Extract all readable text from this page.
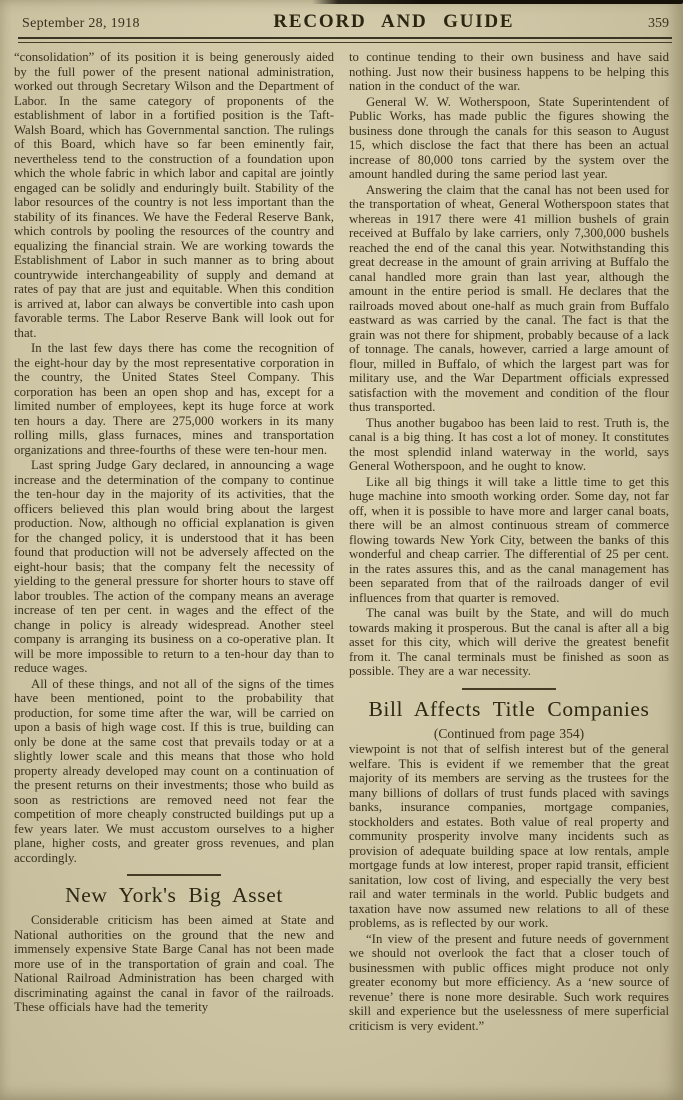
September 28, 1918	RECORD AND GUIDE	359

“consolidation” of its position it is being generously aided by the full power of the present national administration, worked out through Secretary Wilson and the Department of Labor. In the same category of proponents of the establishment of labor in a fortified position is the Taft-Walsh Board, which has Governmental sanction. The rulings of this Board, which have so far been eminently fair, nevertheless tend to the construction of a foundation upon which the whole fabric in which labor and capital are jointly engaged can be solidly and enduringly built. Stability of the labor resources of the country is not less important than the stability of its finances. We have the Federal Reserve Bank, which controls by pooling the resources of the country and equalizing the financial strain. We are working towards the Establishment of Labor in such manner as to bring about countrywide interchangeability of supply and demand at rates of pay that are just and equitable. When this condition is arrived at, labor can always be convertible into cash upon favorable terms. The Labor Reserve Bank will look out for that.

In the last few days there has come the recognition of the eight-hour day by the most representative corporation in the country, the United States Steel Company. This corporation has been an open shop and has, except for a limited number of employees, kept its huge force at work ten hours a day. There are 275,000 workers in its many rolling mills, glass furnaces, mines and transportation organizations and three-fourths of these were ten-hour men.

Last spring Judge Gary declared, in announcing a wage increase and the determination of the company to continue the ten-hour day in the majority of its activities, that the officers believed this plan would bring about the largest production. Now, although no official explanation is given for the changed policy, it is understood that it has been found that production will not be adversely affected on the eight-hour basis; that the company felt the necessity of yielding to the general pressure for shorter hours to stave off labor troubles. The action of the company means an average increase of ten per cent. in wages and the effect of the change in policy is already widespread. Another steel company is arranging its business on a co-operative plan. It will be more impossible to return to a ten-hour day than to reduce wages.

All of these things, and not all of the signs of the times have been mentioned, point to the probability that production, for some time after the war, will be carried on upon a basis of high wage cost. If this is true, building can only be done at the same cost that prevails today or at a slightly lower scale and this means that those who hold property already developed may count on a continuation of the present returns on their investments; those who build as soon as restrictions are removed need not fear the competition of more cheaply constructed buildings put up a few years later. We must accustom ourselves to a higher plane, higher costs, and greater gross revenues, and plan accordingly.

New York's Big Asset

Considerable criticism has been aimed at State and National authorities on the ground that the new and immensely expensive State Barge Canal has not been made more use of in the transportation of grain and coal. The National Railroad Administration has been charged with discriminating against the canal in favor of the railroads. These officials have had the temerity

to continue tending to their own business and have said nothing. Just now their business happens to be helping this nation in the conduct of the war.

General W. W. Wotherspoon, State Superintendent of Public Works, has made public the figures showing the business done through the canals for this season to August 15, which disclose the fact that there has been an actual increase of 80,000 tons carried by the system over the amount handled during the same period last year.

Answering the claim that the canal has not been used for the transportation of wheat, General Wotherspoon states that whereas in 1917 there were 41 million bushels of grain received at Buffalo by lake carriers, only 7,300,000 bushels reached the end of the canal this year. Notwithstanding this great decrease in the amount of grain arriving at Buffalo the canal handled more grain than last year, although the amount in the entire period is small. He declares that the railroads moved about one-half as much grain from Buffalo eastward as was carried by the canal. The fact is that the grain was not there for shipment, probably because of a lack of tonnage. The canals, however, carried a large amount of flour, milled in Buffalo, of which the largest part was for military use, and the War Department officials expressed satisfaction with the movement and condition of the flour thus transported.

Thus another bugaboo has been laid to rest. Truth is, the canal is a big thing. It has cost a lot of money. It constitutes the most splendid inland waterway in the world, says General Wotherspoon, and he ought to know.

Like all big things it will take a little time to get this huge machine into smooth working order. Some day, not far off, when it is possible to have more and larger canal boats, there will be an almost continuous stream of commerce flowing towards New York City, between the banks of this wonderful and cheap carrier. The differential of 25 per cent. in the rates assures this, and as the canal management has been separated from that of the railroads danger of evil influences from that quarter is removed.

The canal was built by the State, and will do much towards making it prosperous. But the canal is after all a big asset for this city, which will derive the greatest benefit from it. The canal terminals must be finished as soon as possible. They are a war necessity.

Bill Affects Title Companies

(Continued from page 354)

viewpoint is not that of selfish interest but of the general welfare. This is evident if we remember that the great majority of its members are serving as the trustees for the many billions of dollars of trust funds placed with savings banks, insurance companies, mortgage companies, stockholders and estates. Both value of real property and community prosperity involve many incidents such as provision of adequate building space at low rentals, ample mortgage funds at low interest, proper rapid transit, efficient sanitation, low cost of living, and especially the very best rail and water terminals in the world. Public budgets and taxation have now assumed new relations to all of these problems, as is reflected by our work.

“In view of the present and future needs of government we should not overlook the fact that a closer touch of businessmen with public offices might produce not only greater economy but more efficiency. As a ‘new source of revenue’ there is none more desirable. Such work requires skill and experience but the uselessness of mere superficial criticism is very evident.”
